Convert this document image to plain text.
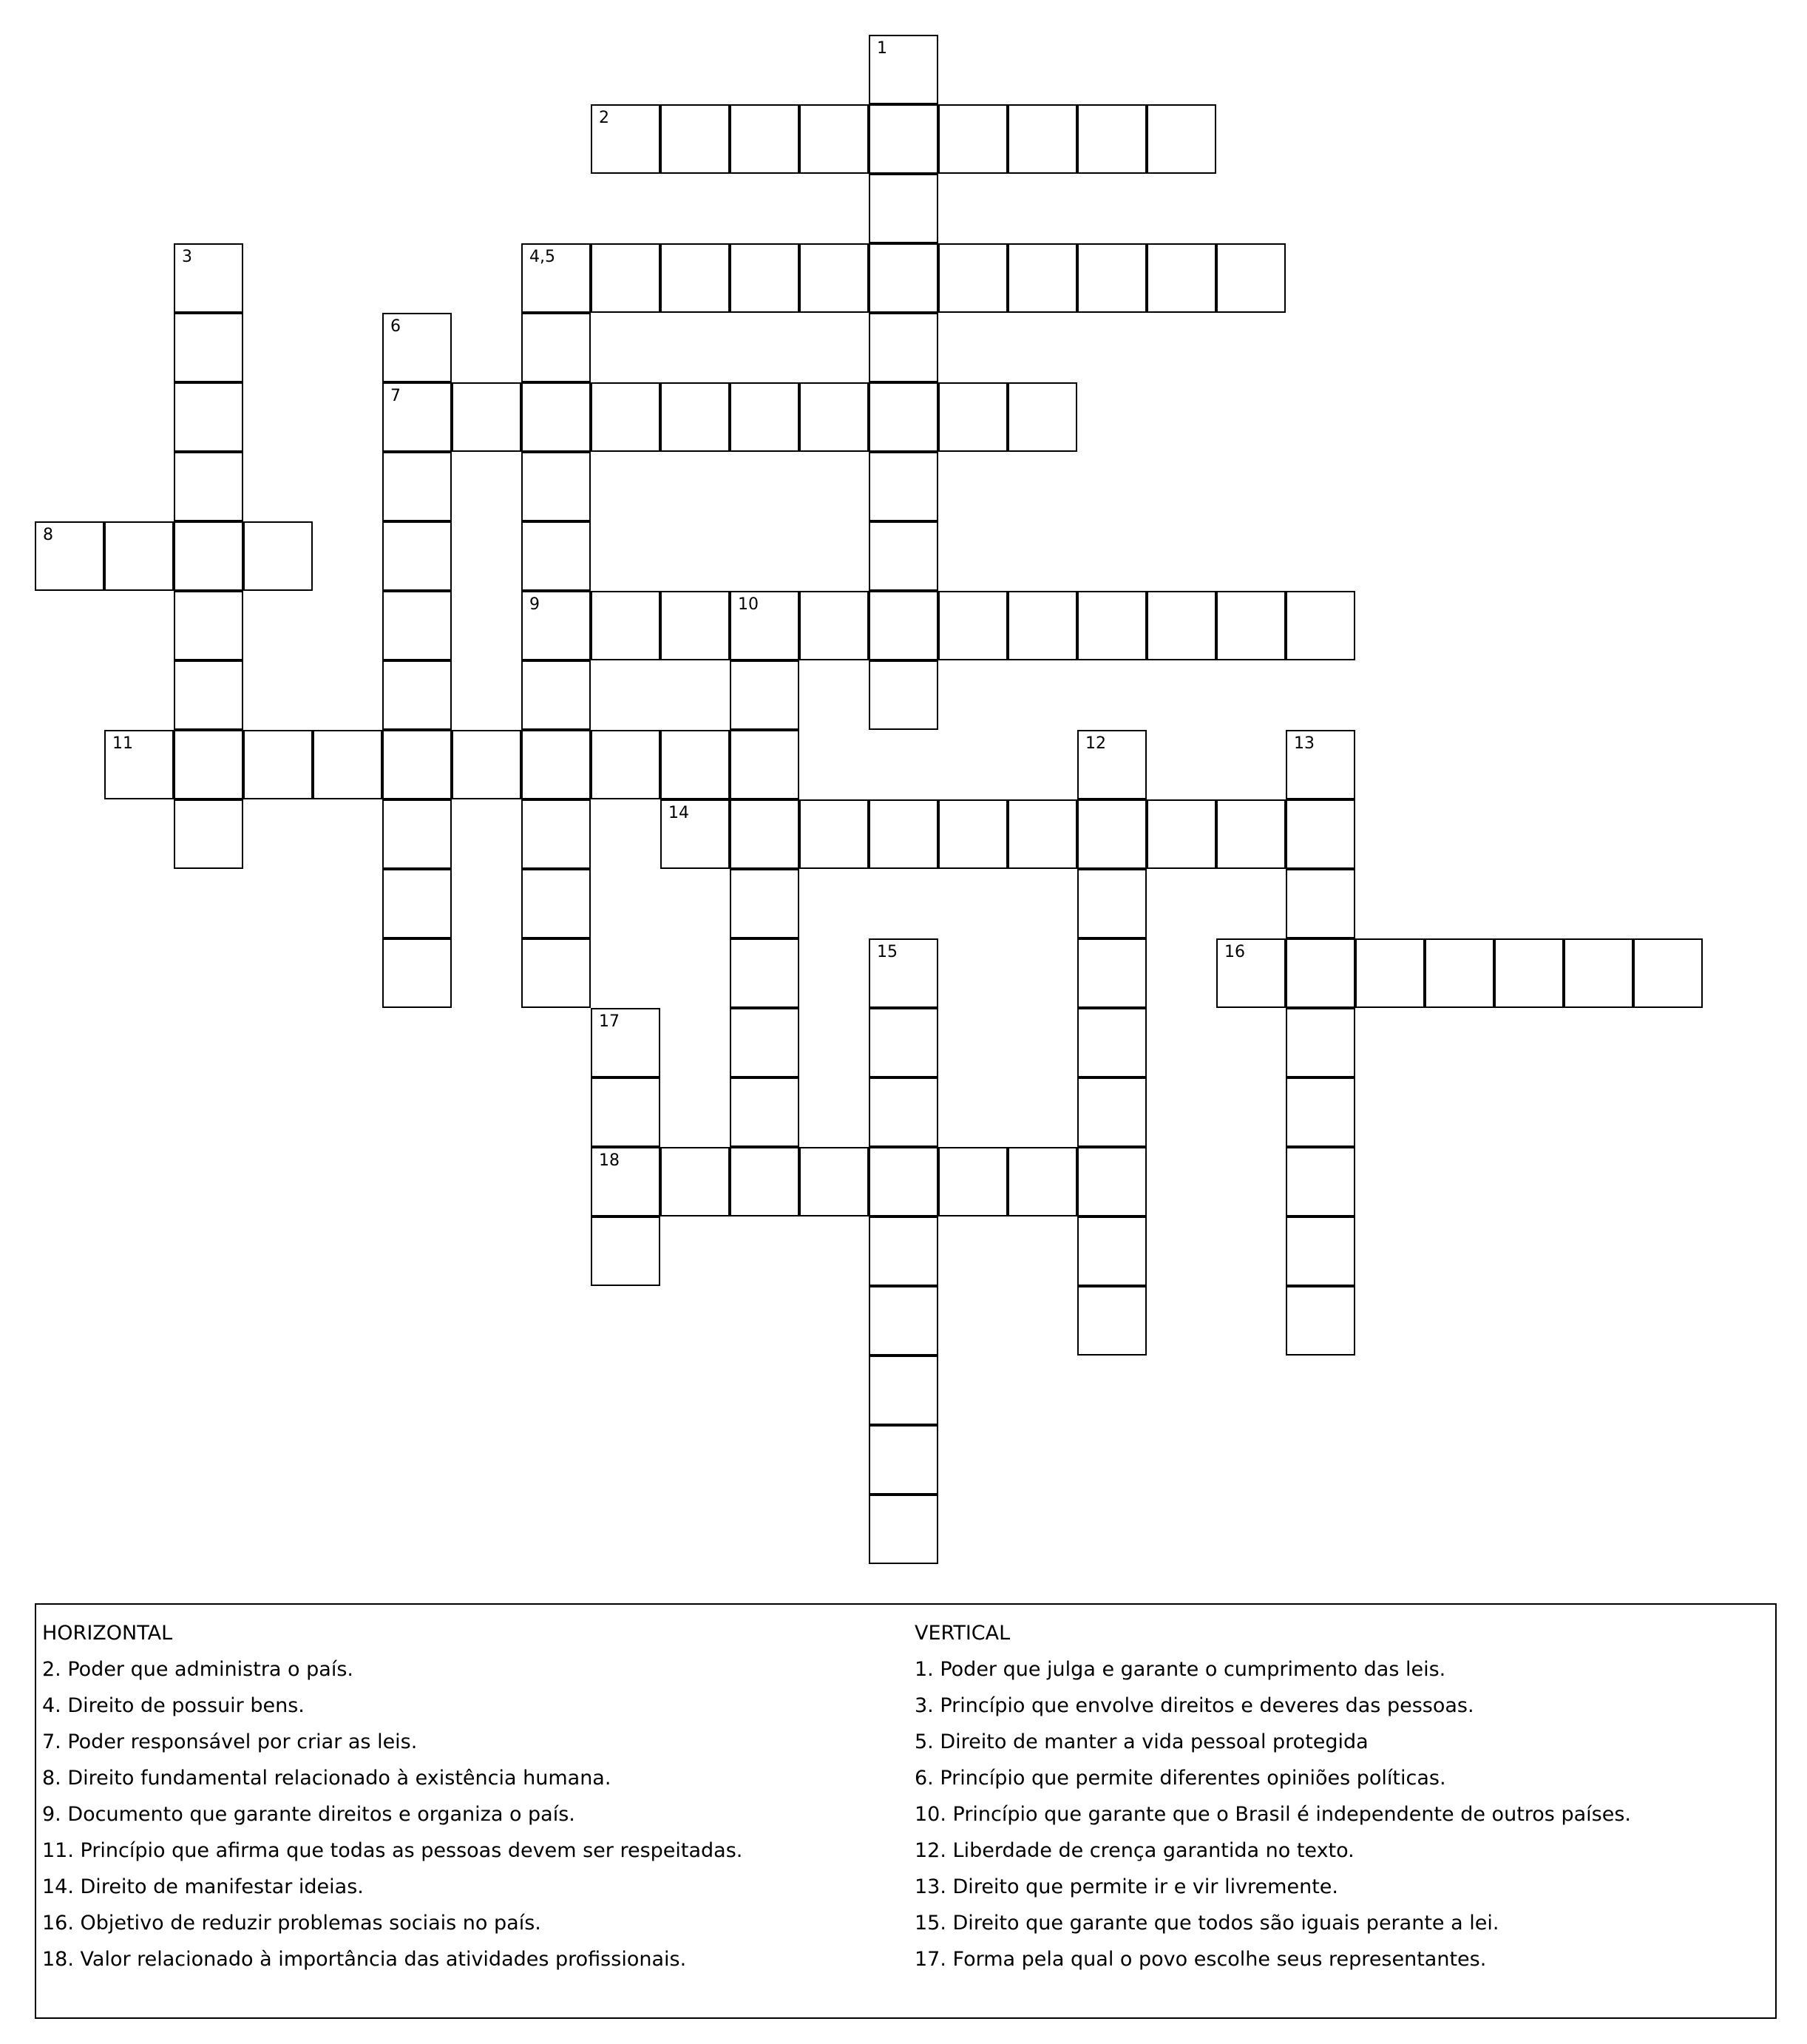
1
2
3	4,5
6
7
8
9	10
11	12	13
14
15	16
17
18
HORIZONTAL
2. Poder que administra o país.
4. Direito de possuir bens.
7. Poder responsável por criar as leis.
8. Direito fundamental relacionado à existência humana.
9. Documento que garante direitos e organiza o país.
11. Princípio que afirma que todas as pessoas devem ser respeitadas.
14. Direito de manifestar ideias.
16. Objetivo de reduzir problemas sociais no país.
18. Valor relacionado à importância das atividades profissionais.
VERTICAL
1. Poder que julga e garante o cumprimento das leis.
3. Princípio que envolve direitos e deveres das pessoas.
5. Direito de manter a vida pessoal protegida
6. Princípio que permite diferentes opiniões políticas.
10. Princípio que garante que o Brasil é independente de outros países.
12. Liberdade de crença garantida no texto.
13. Direito que permite ir e vir livremente.
15. Direito que garante que todos são iguais perante a lei.
17. Forma pela qual o povo escolhe seus representantes.
